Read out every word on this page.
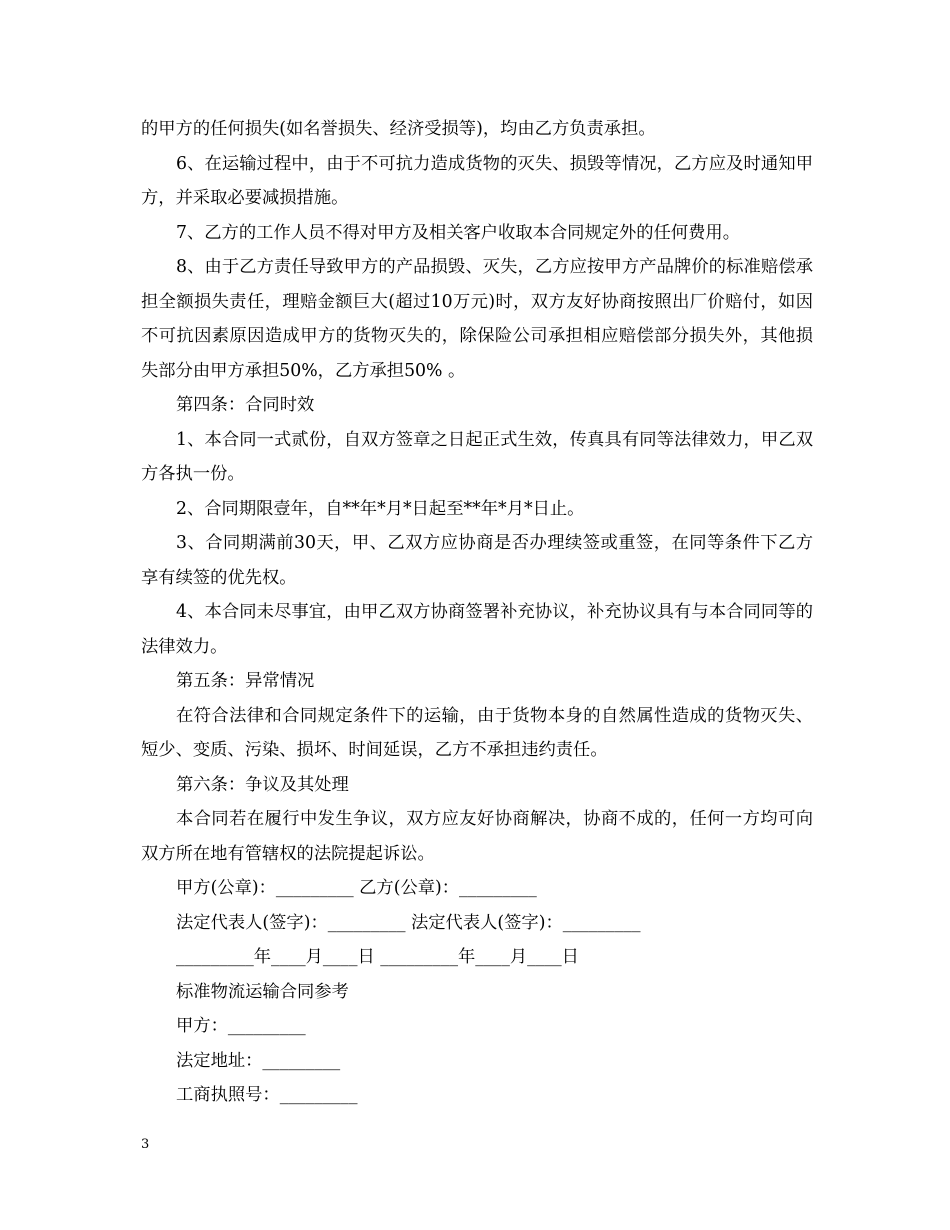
的甲方的任何损失(如名誉损失、经济受损等)，均由乙方负责承担。

6、在运输过程中，由于不可抗力造成货物的灭失、损毁等情况，乙方应及时通知甲方，并采取必要减损措施。

7、乙方的工作人员不得对甲方及相关客户收取本合同规定外的任何费用。

8、由于乙方责任导致甲方的产品损毁、灭失，乙方应按甲方产品牌价的标准赔偿承担全额损失责任，理赔金额巨大(超过10万元)时，双方友好协商按照出厂价赔付，如因不可抗因素原因造成甲方的货物灭失的，除保险公司承担相应赔偿部分损失外，其他损失部分由甲方承担50%，乙方承担50% 。

第四条：合同时效

1、本合同一式贰份，自双方签章之日起正式生效，传真具有同等法律效力，甲乙双方各执一份。

2、合同期限壹年，自**年*月*日起至**年*月*日止。

3、合同期满前30天，甲、乙双方应协商是否办理续签或重签，在同等条件下乙方享有续签的优先权。

4、本合同未尽事宜，由甲乙双方协商签署补充协议，补充协议具有与本合同同等的法律效力。

第五条：异常情况

在符合法律和合同规定条件下的运输，由于货物本身的自然属性造成的货物灭失、短少、变质、污染、损坏、时间延误，乙方不承担违约责任。

第六条：争议及其处理

本合同若在履行中发生争议，双方应友好协商解决，协商不成的，任何一方均可向双方所在地有管辖权的法院提起诉讼。

甲方(公章)：_________ 乙方(公章)：_________

法定代表人(签字)：_________ 法定代表人(签字)：_________

_________年____月____日 _________年____月____日

标准物流运输合同参考

甲方：_________

法定地址：_________

工商执照号：_________

3
